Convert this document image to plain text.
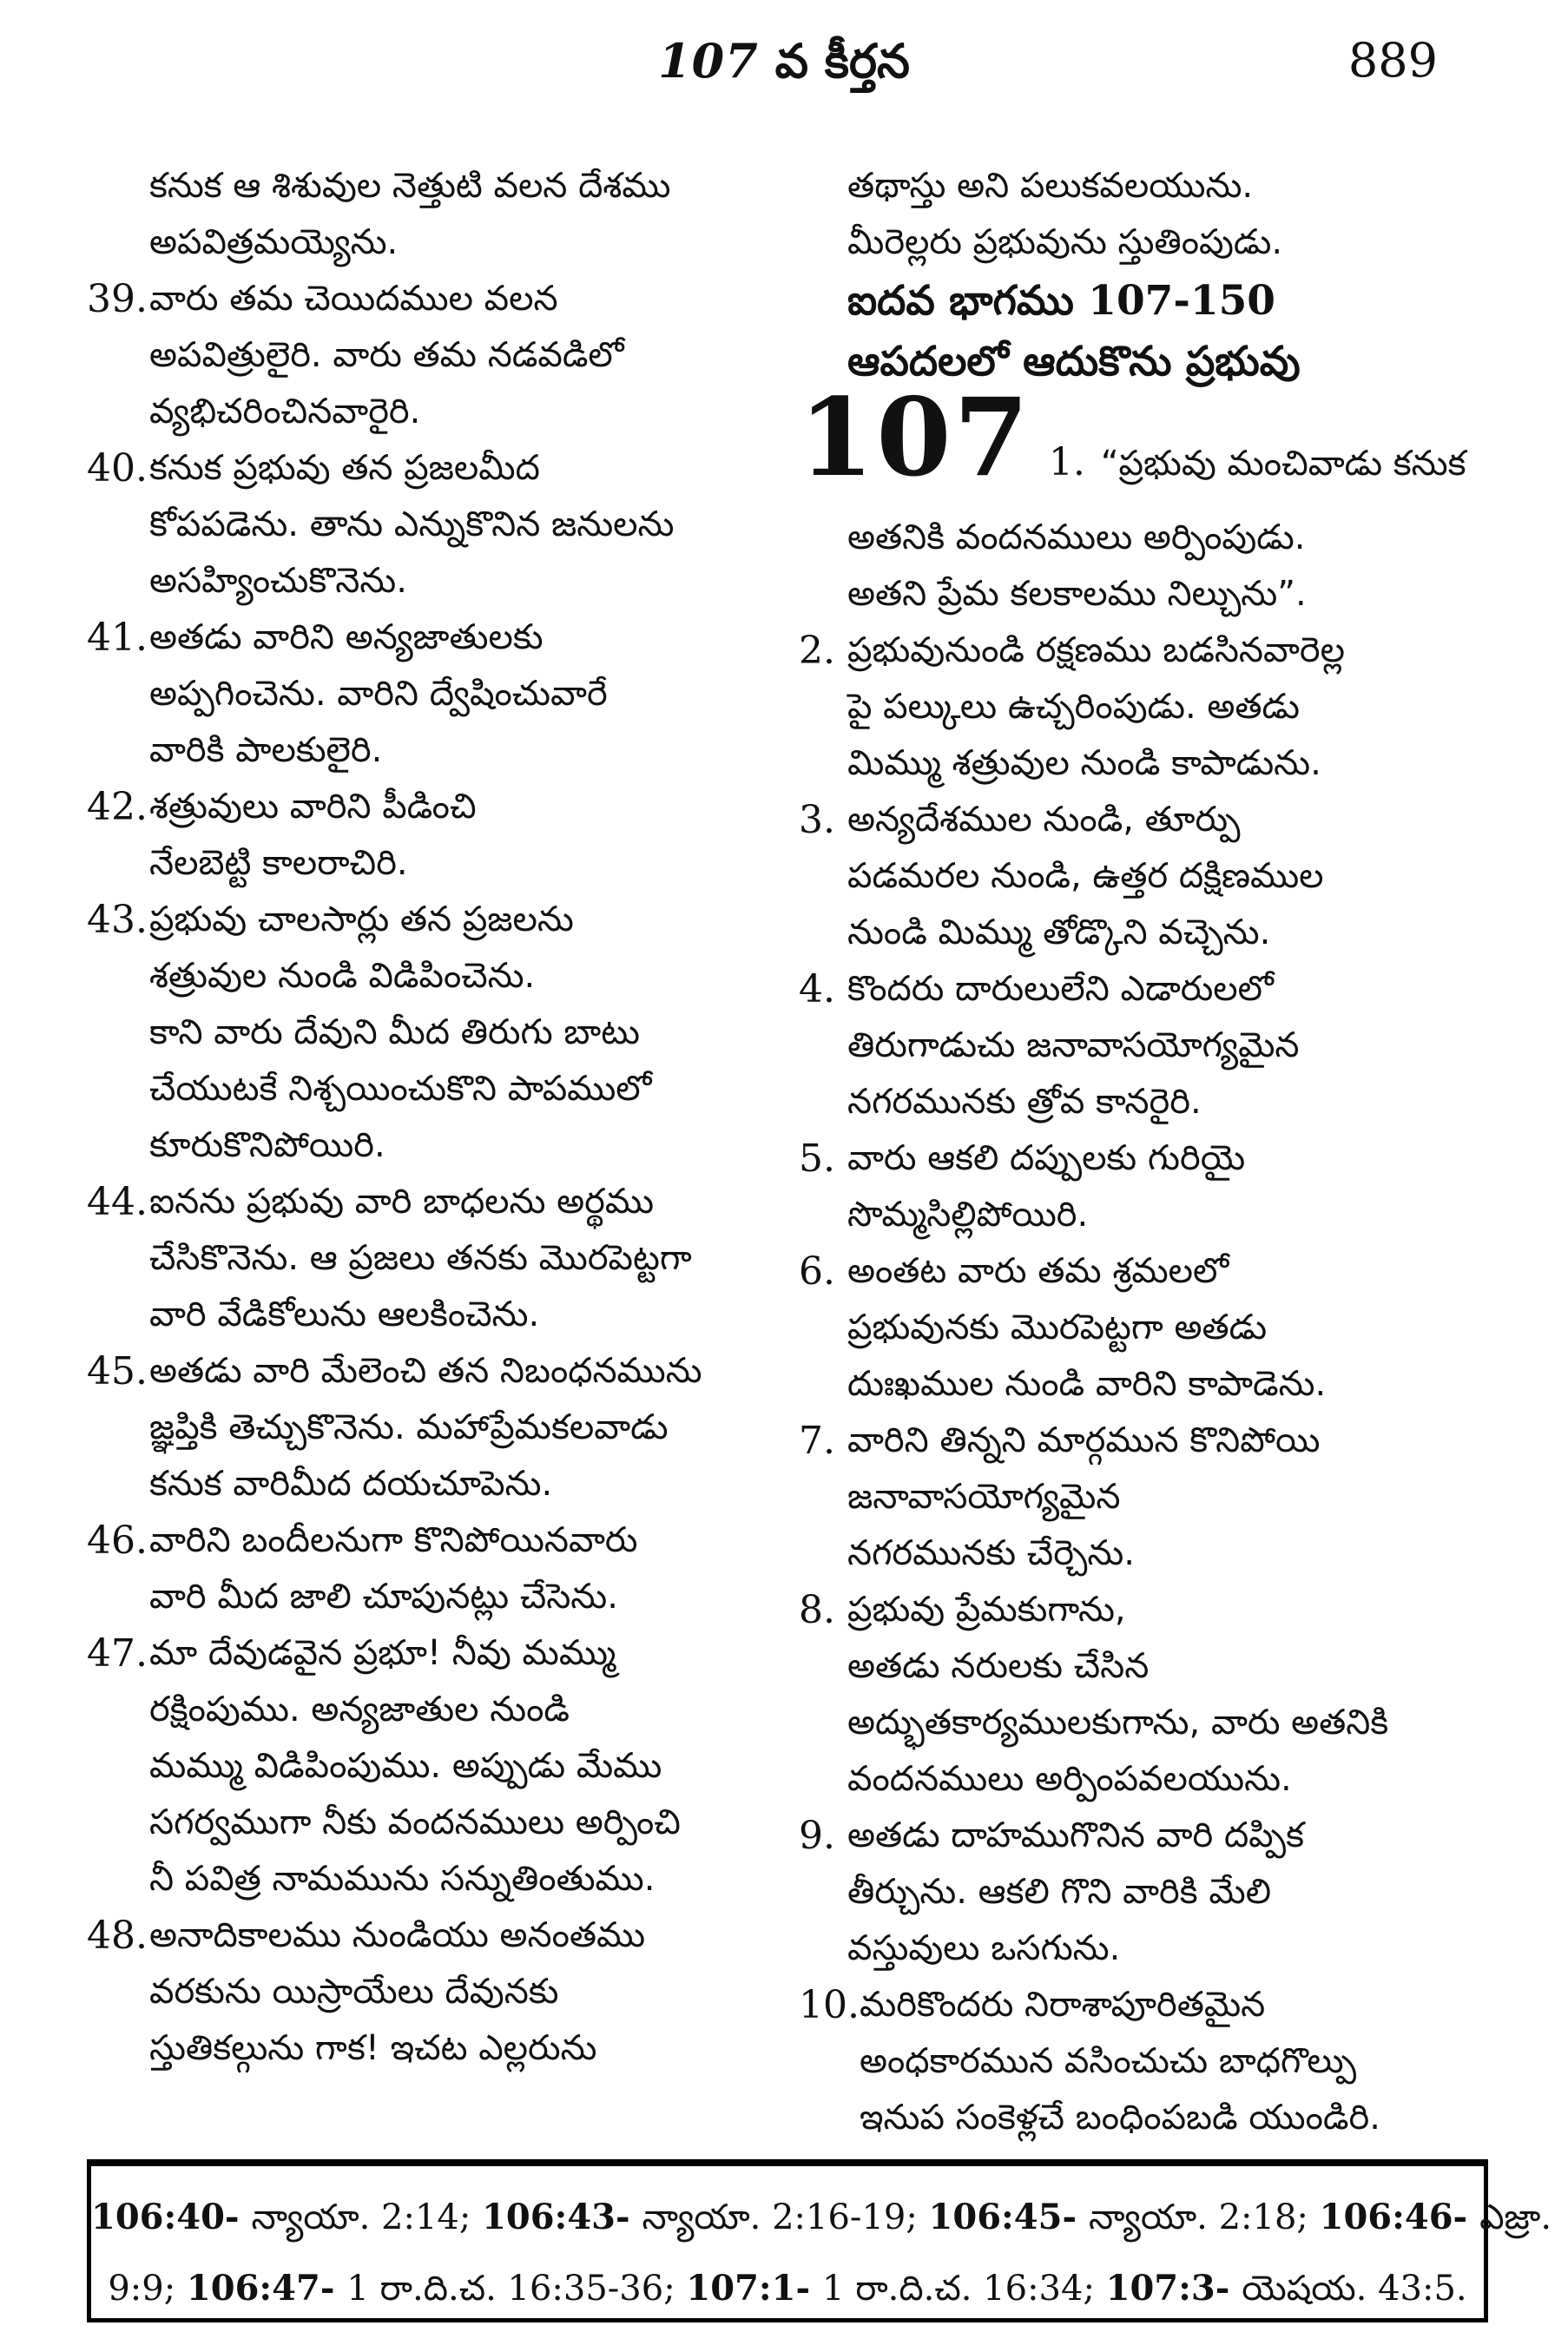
107 వ కీర్తన	889
కనుక ఆ శిశువుల నెత్తుటి వలన దేశము
అపవిత్రమయ్యెను.
39. వారు తమ చెయిదముల వలన
అపవిత్రులైరి. వారు తమ నడవడిలో
వ్యభిచరించినవారైరి.
40. కనుక ప్రభువు తన ప్రజలమీద
కోపపడెను. తాను ఎన్నుకొనిన జనులను
అసహ్యించుకొనెను.
41. అతడు వారిని అన్యజాతులకు
అప్పగించెను. వారిని ద్వేషించువారే
వారికి పాలకులైరి.
42. శత్రువులు వారిని పీడించి
నేలబెట్టి కాలరాచిరి.
43. ప్రభువు చాలసార్లు తన ప్రజలను
శత్రువుల నుండి విడిపించెను.
కాని వారు దేవుని మీద తిరుగు బాటు
చేయుటకే నిశ్చయించుకొని పాపములో
కూరుకొనిపోయిరి.
44. ఐనను ప్రభువు వారి బాధలను అర్థము
చేసికొనెను. ఆ ప్రజలు తనకు మొరపెట్టగా
వారి వేడికోలును ఆలకించెను.
45. అతడు వారి మేలెంచి తన నిబంధనమును
జ్ఞప్తికి తెచ్చుకొనెను. మహాప్రేమకలవాడు
కనుక వారిమీద దయచూపెను.
46. వారిని బందీలనుగా కొనిపోయినవారు
వారి మీద జాలి చూపునట్లు చేసెను.
47. మా దేవుడవైన ప్రభూ! నీవు మమ్ము
రక్షింపుము. అన్యజాతుల నుండి
మమ్ము విడిపింపుము. అప్పుడు మేము
సగర్వముగా నీకు వందనములు అర్పించి
నీ పవిత్ర నామమును సన్నుతింతుము.
48. అనాదికాలము నుండియు అనంతము
వరకును యిస్రాయేలు దేవునకు
స్తుతికల్గును గాక! ఇచట ఎల్లరును
తథాస్తు అని పలుకవలయును.
మీరెల్లరు ప్రభువును స్తుతింపుడు.
ఐదవ భాగము 107-150
ఆపదలలో ఆదుకొను ప్రభువు
107 1. “ప్రభువు మంచివాడు కనుక
అతనికి వందనములు అర్పింపుడు.
అతని ప్రేమ కలకాలము నిల్చును”.
2. ప్రభువునుండి రక్షణము బడసినవారెల్ల
పై పల్కులు ఉచ్చరింపుడు. అతడు
మిమ్ము శత్రువుల నుండి కాపాడును.
3. అన్యదేశముల నుండి, తూర్పు
పడమరల నుండి, ఉత్తర దక్షిణముల
నుండి మిమ్ము తోడ్కొని వచ్చెను.
4. కొందరు దారులులేని ఎడారులలో
తిరుగాడుచు జనావాసయోగ్యమైన
నగరమునకు త్రోవ కానరైరి.
5. వారు ఆకలి దప్పులకు గురియై
సొమ్మసిల్లిపోయిరి.
6. అంతట వారు తమ శ్రమలలో
ప్రభువునకు మొరపెట్టగా అతడు
దుఃఖముల నుండి వారిని కాపాడెను.
7. వారిని తిన్నని మార్గమున కొనిపోయి
జనావాసయోగ్యమైన
నగరమునకు చేర్చెను.
8. ప్రభువు ప్రేమకుగాను,
అతడు నరులకు చేసిన
అద్భుతకార్యములకుగాను, వారు అతనికి
వందనములు అర్పింపవలయును.
9. అతడు దాహముగొనిన వారి దప్పిక
తీర్చును. ఆకలి గొని వారికి మేలి
వస్తువులు ఒసగును.
10. మరికొందరు నిరాశాపూరితమైన
అంధకారమున వసించుచు బాధగొల్పు
ఇనుప సంకెళ్లచే బంధింపబడి యుండిరి.
106:40- న్యాయా. 2:14; 106:43- న్యాయా. 2:16-19; 106:45- న్యాయా. 2:18; 106:46- ఎజ్రా.
9:9; 106:47- 1 రా.ది.చ. 16:35-36; 107:1- 1 రా.ది.చ. 16:34; 107:3- యెషయ. 43:5.
